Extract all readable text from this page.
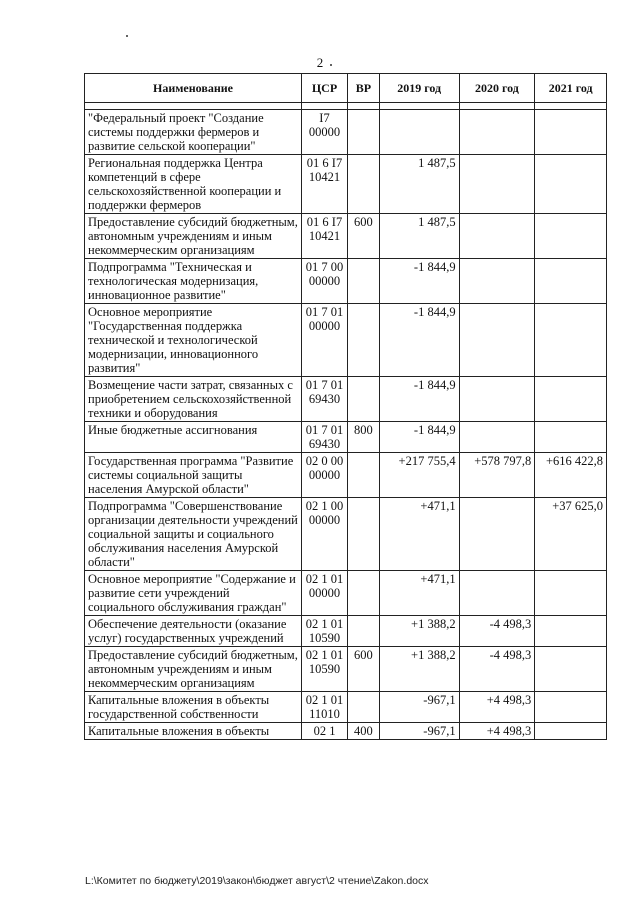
2
Наименование	ЦСР	ВР	2019 год	2020 год	2021 год

"Федеральный проект "Создание системы поддержки фермеров и развитие сельской кооперации"	I7 00000				
Региональная поддержка Центра компетенций в сфере сельскохозяйственной кооперации и поддержки фермеров	01 6 I7 10421		1 487,5		
Предоставление субсидий бюджетным, автономным учреждениям и иным некоммерческим организациям	01 6 I7 10421	600	1 487,5		
Подпрограмма "Техническая и технологическая модернизация, инновационное развитие"	01 7 00 00000		-1 844,9		
Основное мероприятие "Государственная поддержка технической и технологической модернизации, инновационного развития"	01 7 01 00000		-1 844,9		
Возмещение части затрат, связанных с приобретением сельскохозяйственной техники и оборудования	01 7 01 69430		-1 844,9		
Иные бюджетные ассигнования	01 7 01 69430	800	-1 844,9		
Государственная программа "Развитие системы социальной защиты населения Амурской области"	02 0 00 00000		+217 755,4	+578 797,8	+616 422,8
Подпрограмма "Совершенствование организации деятельности учреждений социальной защиты и социального обслуживания населения Амурской области"	02 1 00 00000		+471,1		+37 625,0
Основное мероприятие "Содержание и развитие сети учреждений социального обслуживания граждан"	02 1 01 00000		+471,1		
Обеспечение деятельности (оказание услуг) государственных учреждений	02 1 01 10590		+1 388,2	-4 498,3	
Предоставление субсидий бюджетным, автономным учреждениям и иным некоммерческим организациям	02 1 01 10590	600	+1 388,2	-4 498,3	
Капитальные вложения в объекты государственной собственности	02 1 01 11010		-967,1	+4 498,3	
Капитальные вложения в объекты	02 1	400	-967,1	+4 498,3	
L:\Комитет по бюджету\2019\закон\бюджет август\2 чтение\Zakon.docx
